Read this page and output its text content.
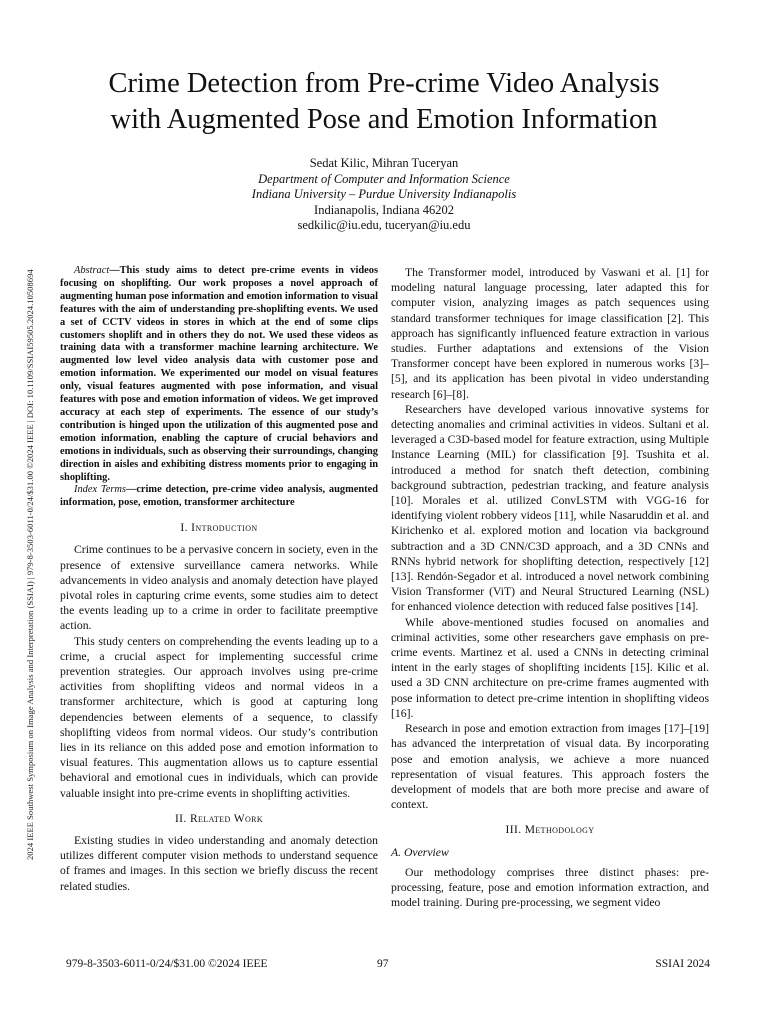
2024 IEEE Southwest Symposium on Image Analysis and Interpretation (SSIAI) | 979-8-3503-6011-0/24/$31.00 ©2024 IEEE | DOI: 10.1109/SSIAI59505.2024.10508694
Crime Detection from Pre-crime Video Analysis
with Augmented Pose and Emotion Information
Sedat Kilic, Mihran Tuceryan
Department of Computer and Information Science
Indiana University – Purdue University Indianapolis
Indianapolis, Indiana 46202
sedkilic@iu.edu, tuceryan@iu.edu

Abstract—This study aims to detect pre-crime events in videos focusing on shoplifting. Our work proposes a novel approach of augmenting human pose information and emotion information to visual features with the aim of understanding pre-shoplifting events. We used a set of CCTV videos in stores in which at the end of some clips customers shoplift and in others they do not. We used these videos as training data with a transformer machine learning architecture. We augmented low level video analysis data with customer pose and emotion information. We experimented our model on visual features only, visual features augmented with pose information, and visual features with pose and emotion information of videos. We get improved accuracy at each step of experiments. The essence of our study’s contribution is hinged upon the utilization of this augmented pose and emotion information, enabling the capture of crucial behaviors and emotions in individuals, such as observing their surroundings, changing direction in aisles and exhibiting distress moments prior to engaging in shoplifting.

Index Terms—crime detection, pre-crime video analysis, augmented information, pose, emotion, transformer architecture

I. Introduction

Crime continues to be a pervasive concern in society, even in the presence of extensive surveillance camera networks. While advancements in video analysis and anomaly detection have played pivotal roles in capturing crime events, some studies aim to detect the events leading up to a crime in order to facilitate preemptive action.

This study centers on comprehending the events leading up to a crime, a crucial aspect for implementing successful crime prevention strategies. Our approach involves using pre-crime activities from shoplifting videos and normal videos in a transformer architecture, which is good at capturing long dependencies between elements of a sequence, to classify shoplifting videos from normal videos. Our study’s contribution lies in its reliance on this added pose and emotion information to visual features. This augmentation allows us to capture essential behavioral and emotional cues in individuals, which can provide valuable insight into pre-crime events in shoplifting activities.

II. Related Work

Existing studies in video understanding and anomaly detection utilizes different computer vision methods to understand sequence of frames and images. In this section we briefly discuss the recent related studies.

The Transformer model, introduced by Vaswani et al. [1] for modeling natural language processing, later adapted this for computer vision, analyzing images as patch sequences using standard transformer techniques for image classification [2]. This approach has significantly influenced feature extraction in various studies. Further adaptations and extensions of the Vision Transformer concept have been explored in numerous works [3]–[5], and its application has been pivotal in video understanding research [6]–[8].

Researchers have developed various innovative systems for detecting anomalies and criminal activities in videos. Sultani et al. leveraged a C3D-based model for feature extraction, using Multiple Instance Learning (MIL) for classification [9]. Tsushita et al. introduced a method for snatch theft detection, combining background subtraction, pedestrian tracking, and feature analysis [10]. Morales et al. utilized ConvLSTM with VGG-16 for identifying violent robbery videos [11], while Nasaruddin et al. and Kirichenko et al. explored motion and location via background subtraction and a 3D CNN/C3D approach, and a 3D CNNs and RNNs hybrid network for shoplifting detection, respectively [12][13]. Rendón-Segador et al. introduced a novel network combining Vision Transformer (ViT) and Neural Structured Learning (NSL) for enhanced violence detection with reduced false positives [14].

While above-mentioned studies focused on anomalies and criminal activities, some other researchers gave emphasis on pre-crime events. Martinez et al. used a CNNs in detecting criminal intent in the early stages of shoplifting incidents [15]. Kilic et al. used a 3D CNN architecture on pre-crime frames augmented with pose information to detect pre-crime intention in shoplifting videos [16].

Research in pose and emotion extraction from images [17]–[19] has advanced the interpretation of visual data. By incorporating pose and emotion analysis, we achieve a more nuanced representation of visual features. This approach fosters the development of models that are both more precise and aware of context.

III. Methodology
A. Overview

Our methodology comprises three distinct phases: pre-processing, feature, pose and emotion information extraction, and model training. During pre-processing, we segment video

979-8-3503-6011-0/24/$31.00 ©2024 IEEE	97	SSIAI 2024
